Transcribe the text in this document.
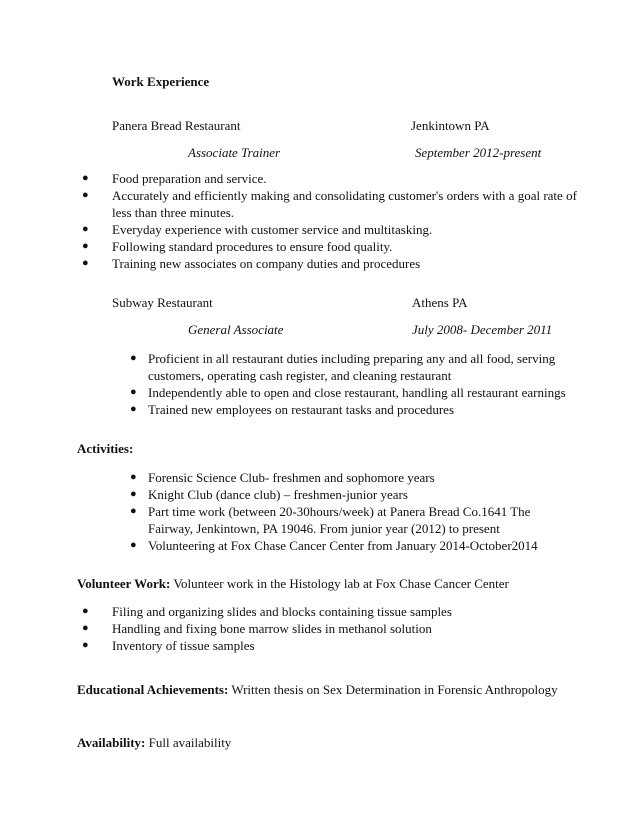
Work Experience
Panera Bread Restaurant	Jenkintown PA
Associate Trainer	September 2012-present
● Food preparation and service.
● Accurately and efficiently making and consolidating customer's orders with a goal rate of
less than three minutes.
● Everyday experience with customer service and multitasking.
● Following standard procedures to ensure food quality.
● Training new associates on company duties and procedures
Subway Restaurant	Athens PA
General Associate	July 2008- December 2011
● Proficient in all restaurant duties including preparing any and all food, serving
customers, operating cash register, and cleaning restaurant
● Independently able to open and close restaurant, handling all restaurant earnings
● Trained new employees on restaurant tasks and procedures
Activities:
● Forensic Science Club- freshmen and sophomore years
● Knight Club (dance club) – freshmen-junior years
● Part time work (between 20-30hours/week) at Panera Bread Co.1641 The
Fairway, Jenkintown, PA 19046. From junior year (2012) to present
● Volunteering at Fox Chase Cancer Center from January 2014-October2014
Volunteer Work: Volunteer work in the Histology lab at Fox Chase Cancer Center
● Filing and organizing slides and blocks containing tissue samples
● Handling and fixing bone marrow slides in methanol solution
● Inventory of tissue samples
Educational Achievements: Written thesis on Sex Determination in Forensic Anthropology
Availability: Full availability
